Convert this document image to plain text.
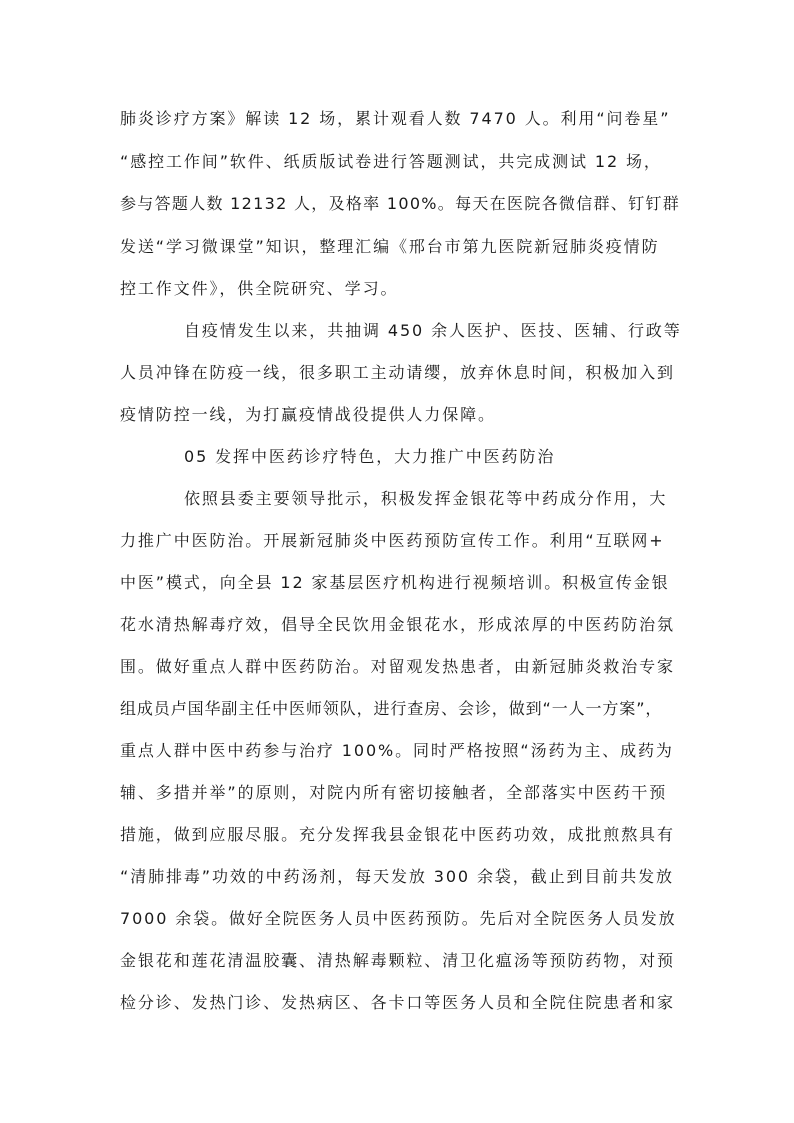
肺炎诊疗方案》解读 12 场，累计观看人数 7470 人。利用“问卷星”
“感控工作间”软件、纸质版试卷进行答题测试，共完成测试 12 场，
参与答题人数 12132 人，及格率 100%。每天在医院各微信群、钉钉群
发送“学习微课堂”知识，整理汇编《邢台市第九医院新冠肺炎疫情防
控工作文件》，供全院研究、学习。
自疫情发生以来，共抽调 450 余人医护、医技、医辅、行政等
人员冲锋在防疫一线，很多职工主动请缨，放弃休息时间，积极加入到
疫情防控一线，为打赢疫情战役提供人力保障。
05 发挥中医药诊疗特色，大力推广中医药防治
依照县委主要领导批示，积极发挥金银花等中药成分作用，大
力推广中医防治。开展新冠肺炎中医药预防宣传工作。利用“互联网+
中医”模式，向全县 12 家基层医疗机构进行视频培训。积极宣传金银
花水清热解毒疗效，倡导全民饮用金银花水，形成浓厚的中医药防治氛
围。做好重点人群中医药防治。对留观发热患者，由新冠肺炎救治专家
组成员卢国华副主任中医师领队，进行查房、会诊，做到“一人一方案”，
重点人群中医中药参与治疗 100%。同时严格按照“汤药为主、成药为
辅、多措并举”的原则，对院内所有密切接触者，全部落实中医药干预
措施，做到应服尽服。充分发挥我县金银花中医药功效，成批煎熬具有
“清肺排毒”功效的中药汤剂，每天发放 300 余袋，截止到目前共发放
7000 余袋。做好全院医务人员中医药预防。先后对全院医务人员发放
金银花和莲花清温胶囊、清热解毒颗粒、清卫化瘟汤等预防药物，对预
检分诊、发热门诊、发热病区、各卡口等医务人员和全院住院患者和家
